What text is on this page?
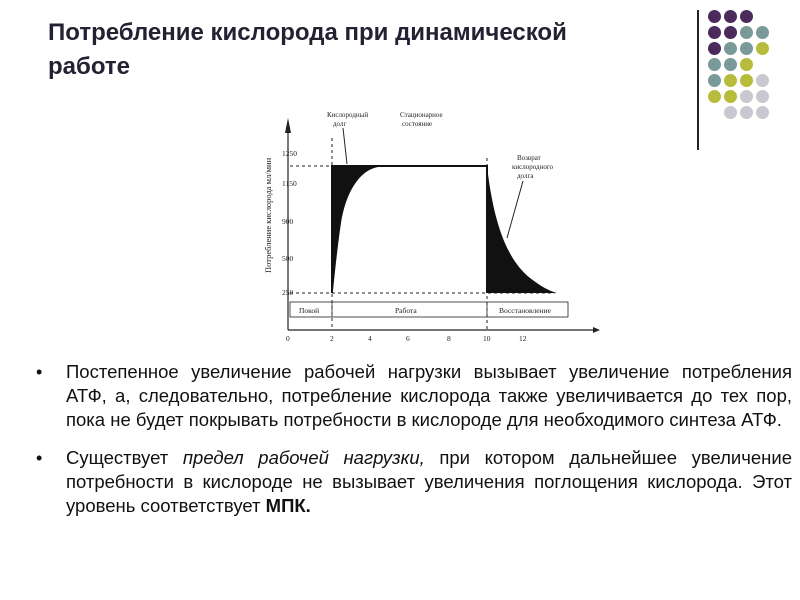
Потребление кислорода при динамической
работе
Потребление кислорода мл/мин
1250
1150
900
500
250
Кислородный
долг
Стационарное
состояние
Возврат
кислородного
долга
Покой	Работа	Восстановление
0	2	4	6	8	10	12
• Постепенное увеличение рабочей нагрузки вызывает увеличение потребления АТФ, а, следовательно, потребление кислорода также увеличивается до тех пор, пока не будет покрывать потребности в кислороде для необходимого синтеза АТФ.
• Существует предел рабочей нагрузки, при котором дальнейшее увеличение потребности в кислороде не вызывает увеличения поглощения кислорода. Этот уровень соответствует МПК.
